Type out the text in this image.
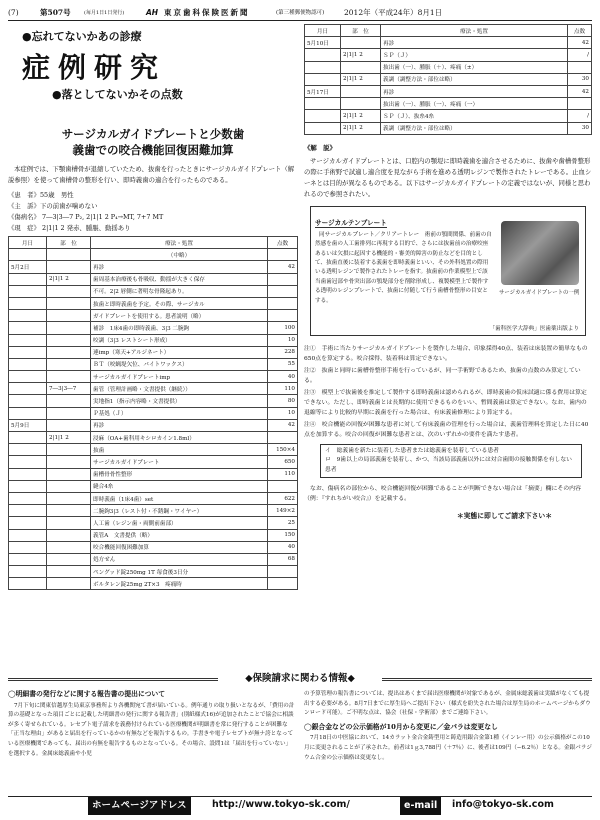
(7)	第507号	(毎月1日1日発行)	AH 東京歯科保険医新聞	(第三種郵便物認可)	2012年（平成24年）8月1日
●忘れてないかあの診療
症例研究
●落としてないかその点数
サージカルガイドプレートと少数歯
義歯での咬合機能回復困難加算
本症例では、下顎歯槽骨が退縮していたため、抜歯を行ったときにサージカルガイドプレート（解説参照）を使って歯槽骨の整形を行い、即時義歯の適合を行ったものである。
《患　者》55歳　男性
《主　訴》下の前歯が噛めない
《傷病名》 7―3|3―7 P₂, 2|1|1 2 P₄→MT, 7+7 MT
《現　症》 2|1|1 2 発赤、腫脹、動揺あり
月日	部　位	療法・処置	点数
		（中略）	
5月2日		再診	42
	2|1|1 2	歯周基本治療後も骨吸収、動揺が大きく保存	
		不可。2|2 唇側に著明な骨隆起あり。	
		抜歯と即時義歯を予定。その際、サージカル	
		ガイドプレートを使用する。患者説明（略）	
		補診　1床4歯の即時義歯、3|3 二腕鉤	100
		咬調（3|3 レストシート形成）	10
		連imp（寒天+アルジネート）	228
		ＢＴ（咬蝋堤欠位、バイトワックス）	55
		サージカルガイドプレートimp	40
	7―3|3―7	歯管（管理計画略・文書提供（継続））	110
		実地指1（指示内容略・文書提供）	80
		Ｐ基処（Ｊ）	10
5月9日		再診	42
	2|1|1 2	浸麻（OA+歯科用キシロカイン1.8ml）	
		抜歯	150×4
		サージカルガイドプレート	650
		歯槽骨骨性整形	110
		縫合4糸	
		即時義歯（1床4歯）set	622
		二腕鉤3|3（レスト付・不銹鋼・ワイヤー）	149×2
		人工歯（レジン歯・両側前歯部）	25
		義管A　文書提供（略）	150
		咬合機能回復困難加算	40
		処方せん	68
		ペングッド錠250mg 1T 毎食後3日分	
		ボルタレン錠25mg 2T×3　疼痛時	
月日	部　位	療法・処置	点数
5月10日		再診	42
	2|1|1 2	ＳＰ（Ｊ）	/
		抜出歯（一）、腫脹（＋）、疼痛（±）	
	2|1|1 2	義調（調整方法・部位は略）	30
5月17日		再診	42
		抜出歯（一）、腫脹（一）、疼痛（一）	
	2|1|1 2	ＳＰ（Ｊ）、抜糸4糸	/
	2|1|1 2	義調（調整方法・部位は略）	30
《解　説》
サージカルガイドプレートとは、口腔内の顎堤に即時義歯を適合させるために、抜歯や歯槽骨整形の際に手術野で試適し適合度を見ながら手術を進める透明レジンで製作されたトレーである。止血シーネとは目的が異なるものである。以下はサージカルガイドプレートの定義ではないが、同様と思われるので参照されたい。
サージカルテンプレート
同サージカルプレート／クリアートレー　術前の顎間関係、前歯の自然感を歯の人工歯排列に再現する目的で、さらには抜歯前の治療咬座あるいは欠損に起因する機能的・審美的障害の防止などを目的として、抜歯直後に装着する義歯を即時義歯といい、その外科処置の際用いる透明レジンで製作されたトレーを指す。抜歯前の作業模型上で該当歯歯冠部や骨突出部の顎堤部分を削除形成し、複製模型上で製作する透明のレジンプレートで、抜歯に付随して行う歯槽骨整形の目安とする。
サージカルガイドプレートの一例
「歯科医学大辞典」医歯薬出版より
注①　手術に当たりサージカルガイドプレートを製作した場合、印象採得40点、装着は床装置の簡単なもの650点を算定する。咬合採得、装着料は算定できない。
注②　抜歯と同時に歯槽骨整形手術を行っているが、同一手術野であるため、抜歯の点数のみ算定している。
注③　模型上で抜歯後を推定して製作する即時義歯は認められるが、即時義歯の仮床試適に係る費用は算定できない。ただし、即時義歯とは長期的に使用できるものをいい、暫間義歯は算定できない。なお、歯内の退縮等により比較的早期に義歯を行った場合は、有床義歯修理により算定する。
注④　咬合機能の回復が困難な患者に対して有床義歯の管理を行った場合は、義歯管理料を算定した日に40点を加算する。咬合の回復が困難な患者とは、次のいずれかの要件を満たす患者。
イ　総義歯を新たに装着した患者または総義歯を装着している患者
ロ　9歯以上の局部義歯を装着し、かつ、当該局部義歯以外には対合歯間の接触関係を有しない患者
なお、傷病名の部位から、咬合機能回復が困難であることが判断できない場合は「摘要」欄にその内容（例：『すれちがい咬合』）を記載する。
＊実態に即してご請求下さい＊
◆保険請求に関わる情報◆
◯明細書の発行などに関する報告書の提出について
7月下旬に関東信越厚生局東京事務所より各機関宛て書が届いている。例年通りの取り扱いとなるが、「費用の計算の基礎となった項目ごとに記載した明細書の発行に関する報告書」(別紙様式16)が追加されたことで協会に相談が多く寄せられている。レセプト電子請求を義務付けられている医療機関が明細書を常に発行することが困難な「正当な理由」があると届出を行っているかの有無などを報告するもの。手書きや電子レセプトが無ナ誇となっている医療機関であっても、届出の有無を報告するものとなっている。その場合、設問1は「届出を行っていない」を選択する。金属床総義歯や小児
の予算管理の報告書については、提出はあくまで届出医療機関が対象であるが、金属床総義歯は実績がなくても提出する必要がある。8月7日までに厚生局へご提出下さい（様式を紛失された場合は厚生局のホームページからダウンロード可能）。ご不明な点は、協会（社保・学術部）までご連絡下さい。
◯銀合金などの公示価格が10月から変更に／金パラは変更なし
7月18日の中医協において、14カラット金合金鋳型用と鋳造用銀合金第1種（インレー用）の公示価格がこの10月に変更されることが了承された。前者は1ｇ3,788円（＋7％）に、後者は109円（−6.2％）となる。金銀パラジウム合金の公示価格は変更なし。
ホームページアドレス	http://www.tokyo-sk.com/	e-mail	info@tokyo-sk.com
